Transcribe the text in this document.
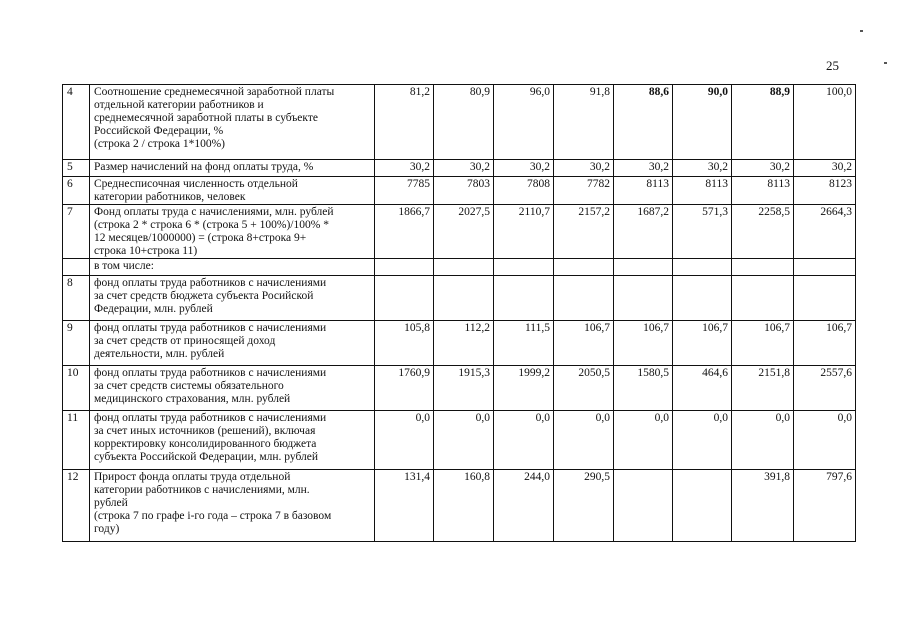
25
4	Соотношение среднемесячной заработной платы
отдельной категории работников и
среднемесячной заработной платы в субъекте
Российской Федерации, %
(строка 2 / строка 1*100%)	81,2	80,9	96,0	91,8	88,6	90,0	88,9	100,0
5	Размер начислений на фонд оплаты труда, %	30,2	30,2	30,2	30,2	30,2	30,2	30,2	30,2
6	Среднесписочная численность отдельной
категории работников, человек	7785	7803	7808	7782	8113	8113	8113	8123
7	Фонд оплаты труда с начислениями, млн. рублей
(строка 2 * строка 6 * (строка 5 + 100%)/100% *
12 месяцев/1000000) = (строка 8+строка 9+
строка 10+строка 11)	1866,7	2027,5	2110,7	2157,2	1687,2	571,3	2258,5	2664,3

	в том числе:								

8	фонд оплаты труда работников с начислениями
за счет средств бюджета субъекта Росийской
Федерации, млн. рублей								

9	фонд оплаты труда работников с начислениями
за счет средств от приносящей доход
деятельности, млн. рублей	105,8	112,2	111,5	106,7	106,7	106,7	106,7	106,7
10	фонд оплаты труда работников с начислениями
за счет средств системы обязательного
медицинского страхования, млн. рублей	1760,9	1915,3	1999,2	2050,5	1580,5	464,6	2151,8	2557,6
11	фонд оплаты труда работников с начислениями
за счет иных источников (решений), включая
корректировку консолидированного бюджета
субъекта Российской Федерации, млн. рублей	0,0	0,0	0,0	0,0	0,0	0,0	0,0	0,0
12	Прирост фонда оплаты труда отдельной
категории работников с начислениями, млн.
рублей
(строка 7 по графе i-го года – строка 7 в базовом
году)	131,4	160,8	244,0	290,5			391,8	797,6
